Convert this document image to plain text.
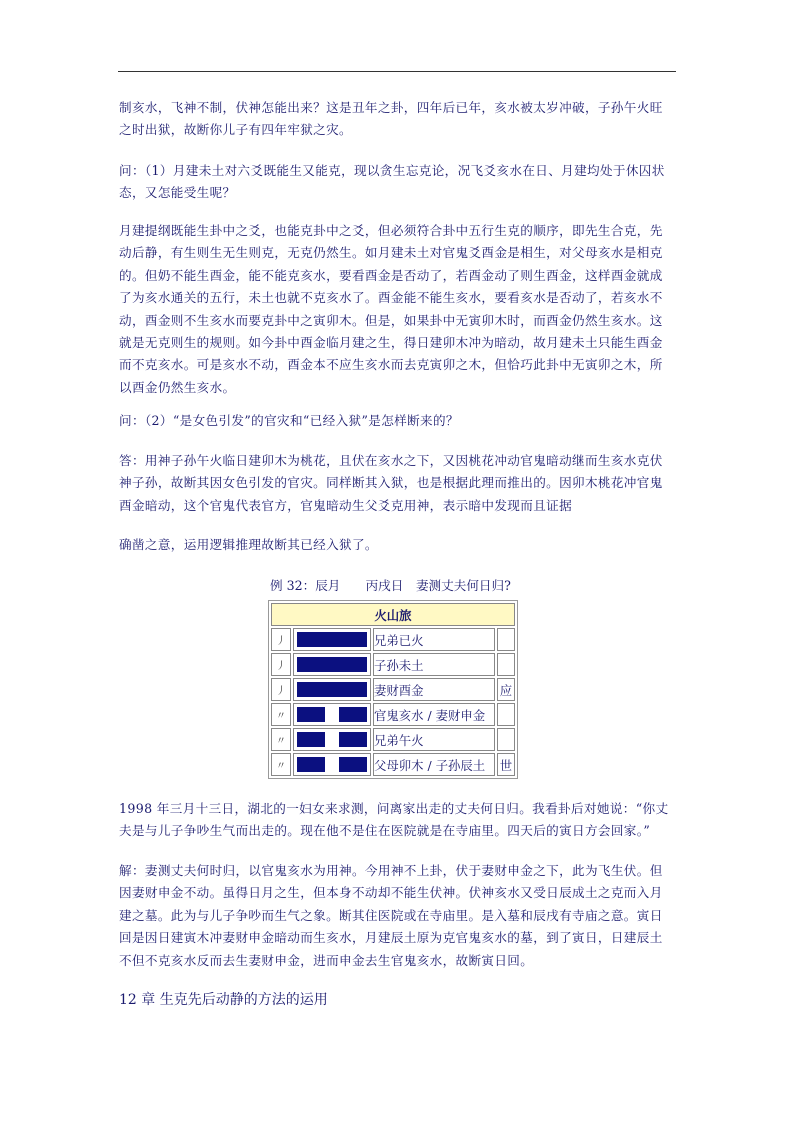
制亥水，飞神不制，伏神怎能出来？这是丑年之卦，四年后已年，亥水被太岁冲破，子孙午火旺之时出狱，故断你儿子有四年牢狱之灾。

问：（1）月建未土对六爻既能生又能克，现以贪生忘克论，况飞爻亥水在日、月建均处于休囚状态，又怎能受生呢？

月建提纲既能生卦中之爻，也能克卦中之爻，但必须符合卦中五行生克的顺序，即先生合克，先动后静，有生则生无生则克，无克仍然生。如月建未土对官鬼爻酉金是相生，对父母亥水是相克的。但奶不能生酉金，能不能克亥水，要看酉金是否动了，若酉金动了则生酉金，这样酉金就成了为亥水通关的五行，未土也就不克亥水了。酉金能不能生亥水，要看亥水是否动了，若亥水不动，酉金则不生亥水而要克卦中之寅卯木。但是，如果卦中无寅卯木时，而酉金仍然生亥水。这就是无克则生的规则。如今卦中酉金临月建之生，得日建卯木冲为暗动，故月建未土只能生酉金而不克亥水。可是亥水不动，酉金本不应生亥水而去克寅卯之木，但恰巧此卦中无寅卯之木，所以酉金仍然生亥水。

问：（2）“是女色引发”的官灾和“已经入狱”是怎样断来的？

答：用神子孙午火临日建卯木为桃花，且伏在亥水之下，又因桃花冲动官鬼暗动继而生亥水克伏神子孙，故断其因女色引发的官灾。同样断其入狱，也是根据此理而推出的。因卯木桃花冲官鬼酉金暗动，这个官鬼代表官方，官鬼暗动生父爻克用神，表示暗中发现而且证据

确凿之意，运用逻辑推理故断其已经入狱了。

例 32：辰月　　丙戌日　妻测丈夫何日归?
火山旅			
丿		兄弟已火	
丿		子孙未土	
丿		妻财酉金	应
〃		官鬼亥水 / 妻财申金	
〃		兄弟午火	
〃		父母卯木 / 子孙辰土	世

1998 年三月十三日，湖北的一妇女来求测，问离家出走的丈夫何日归。我看卦后对她说：“你丈夫是与儿子争吵生气而出走的。现在他不是住在医院就是在寺庙里。四天后的寅日方会回家。”

解：妻测丈夫何时归，以官鬼亥水为用神。今用神不上卦，伏于妻财申金之下，此为飞生伏。但因妻财申金不动。虽得日月之生，但本身不动却不能生伏神。伏神亥水又受日辰成土之克而入月建之墓。此为与儿子争吵而生气之象。断其住医院或在寺庙里。是入墓和辰戌有寺庙之意。寅日回是因日建寅木冲妻财申金暗动而生亥水，月建辰土原为克官鬼亥水的墓，到了寅日，日建辰土不但不克亥水反而去生妻财申金，进而申金去生官鬼亥水，故断寅日回。

12 章 生克先后动静的方法的运用
